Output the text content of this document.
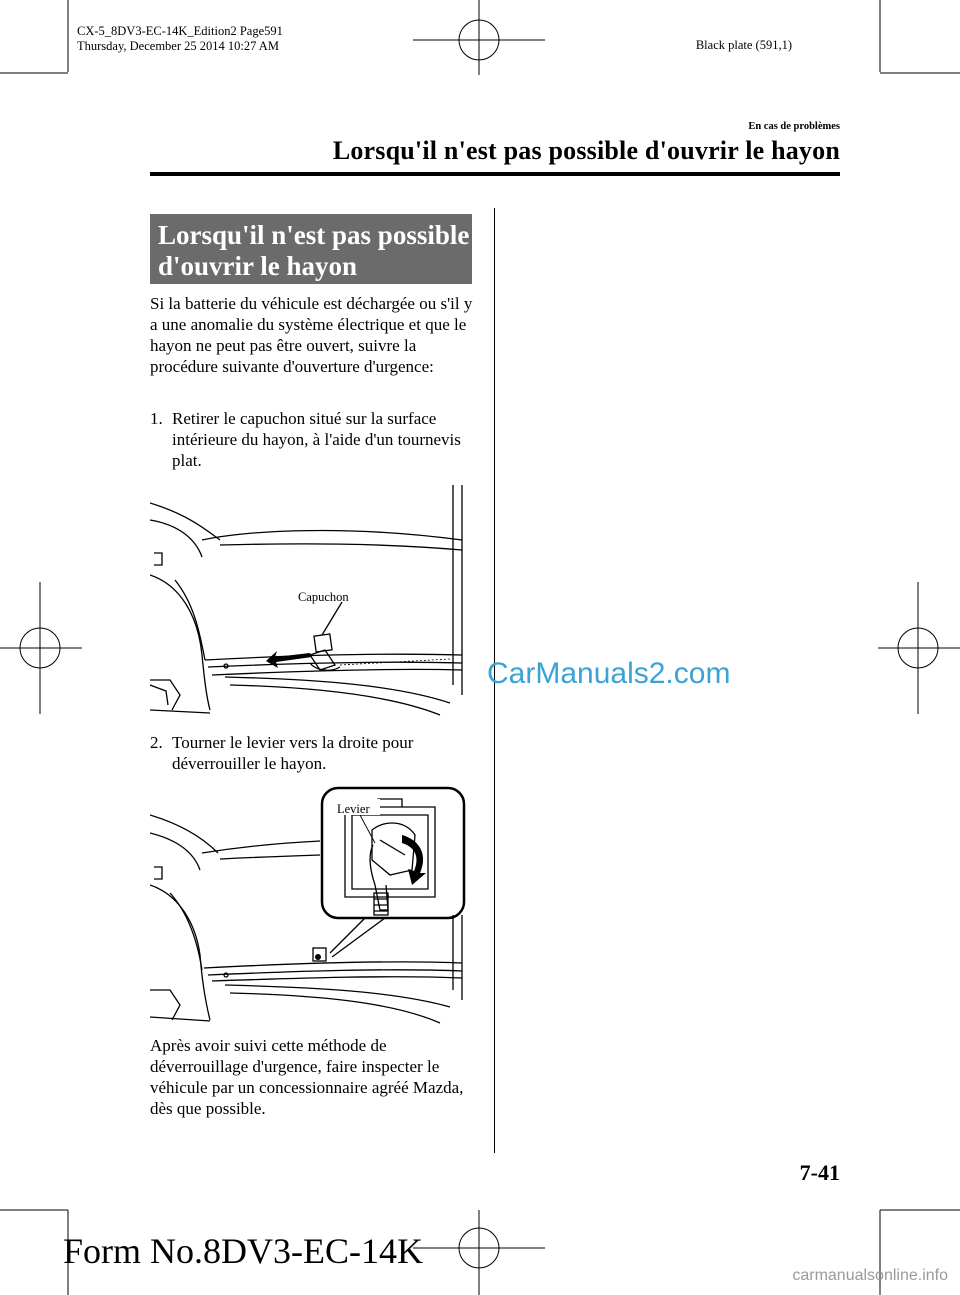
CX-5_8DV3-EC-14K_Edition2 Page591
Thursday, December 25 2014 10:27 AM	Black plate (591,1)
En cas de problèmes
Lorsqu'il n'est pas possible d'ouvrir le hayon
Lorsqu'il n'est pas possible
d'ouvrir le hayon
Si la batterie du véhicule est déchargée ou s'il y a une anomalie du système électrique et que le hayon ne peut pas être ouvert, suivre la procédure suivante d'ouverture d'urgence:
1. Retirer le capuchon situé sur la surface intérieure du hayon, à l'aide d'un tournevis plat.
Capuchon
2. Tourner le levier vers la droite pour déverrouiller le hayon.
Levier
Après avoir suivi cette méthode de déverrouillage d'urgence, faire inspecter le véhicule par un concessionnaire agréé Mazda, dès que possible.
CarManuals2.com
7-41
Form No.8DV3-EC-14K
carmanualsonline.info
